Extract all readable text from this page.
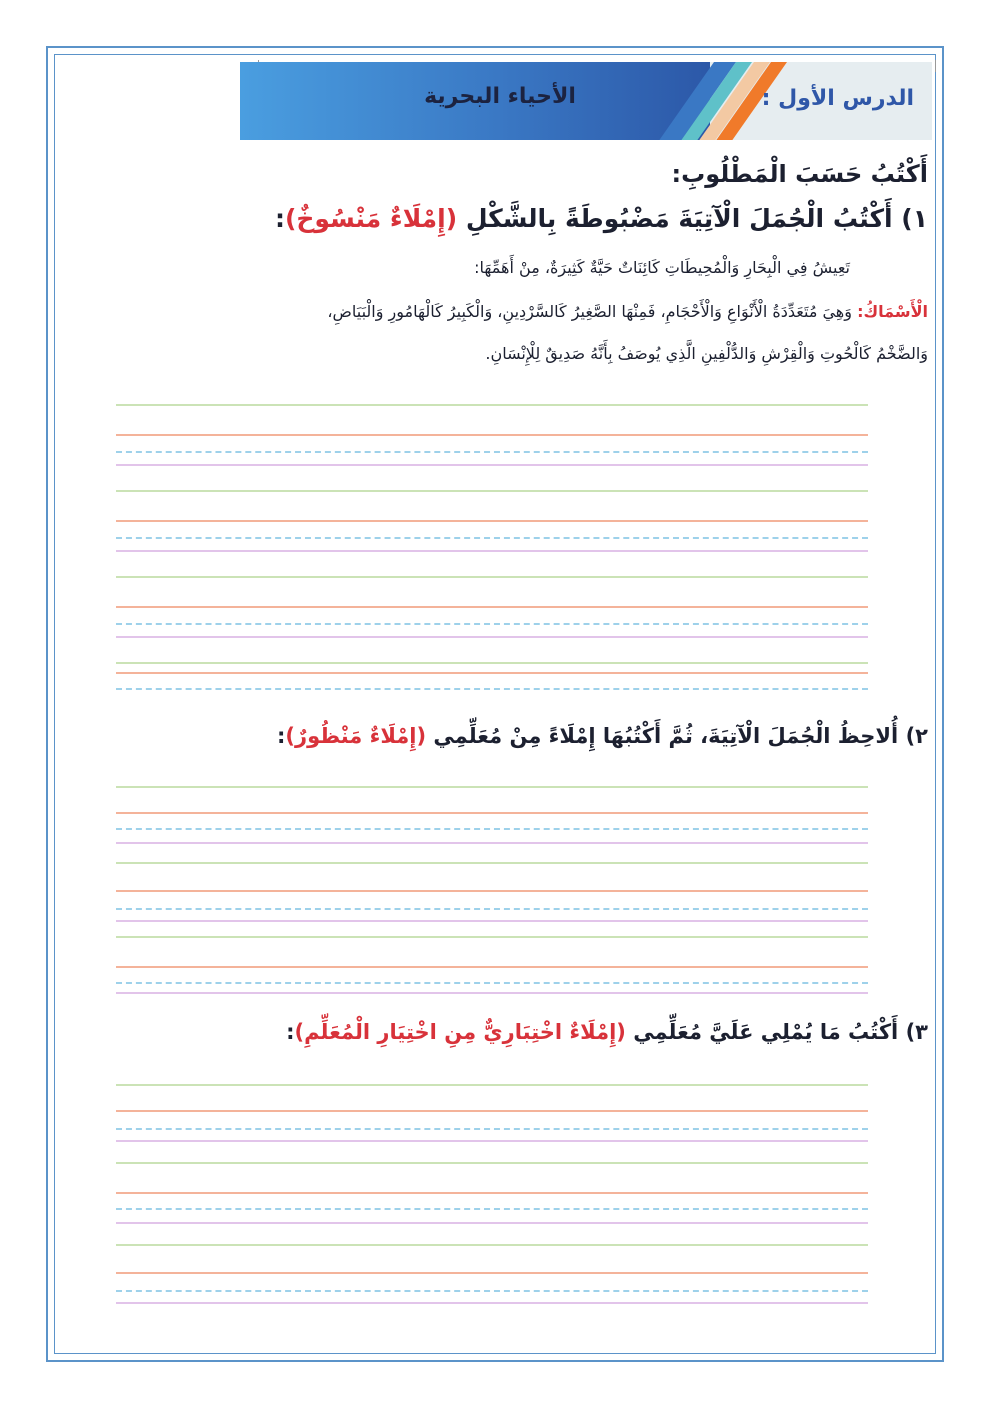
الأحياء البحرية	الدرس الأول :
أَكْتُبُ حَسَبَ الْمَطْلُوبِ:
١) أَكْتُبُ الْجُمَلَ الْآتِيَةَ مَضْبُوطَةً بِالشَّكْلِ (إِمْلَاءٌ مَنْسُوخٌ):
تَعِيشُ فِي الْبِحَارِ وَالْمُحِيطَاتِ كَائِنَاتٌ حَيَّةٌ كَثِيرَةٌ، مِنْ أَهَمِّهَا:
الْأَسْمَاكُ: وَهِيَ مُتَعَدِّدَةُ الْأَنْوَاعِ وَالْأَحْجَامِ، فَمِنْهَا الصَّغِيرُ كَالسَّرْدِينِ، وَالْكَبِيرُ كَالْهَامُورِ وَالْبَيَاضِ،
وَالضَّخْمُ كَالْحُوتِ وَالْقِرْشِ وَالدُّلْفِينِ الَّذِي يُوصَفُ بِأَنَّهُ صَدِيقٌ لِلْإِنْسَانِ.
٢) أُلاحِظُ الْجُمَلَ الْآتِيَةَ، ثُمَّ أَكْتُبُهَا إِمْلَاءً مِنْ مُعَلِّمِي (إِمْلَاءٌ مَنْظُورٌ):
٣) أَكْتُبُ مَا يُمْلِي عَلَيَّ مُعَلِّمِي (إِمْلَاءٌ اخْتِبَارِيٌّ مِنِ اخْتِيَارِ الْمُعَلِّمِ):
